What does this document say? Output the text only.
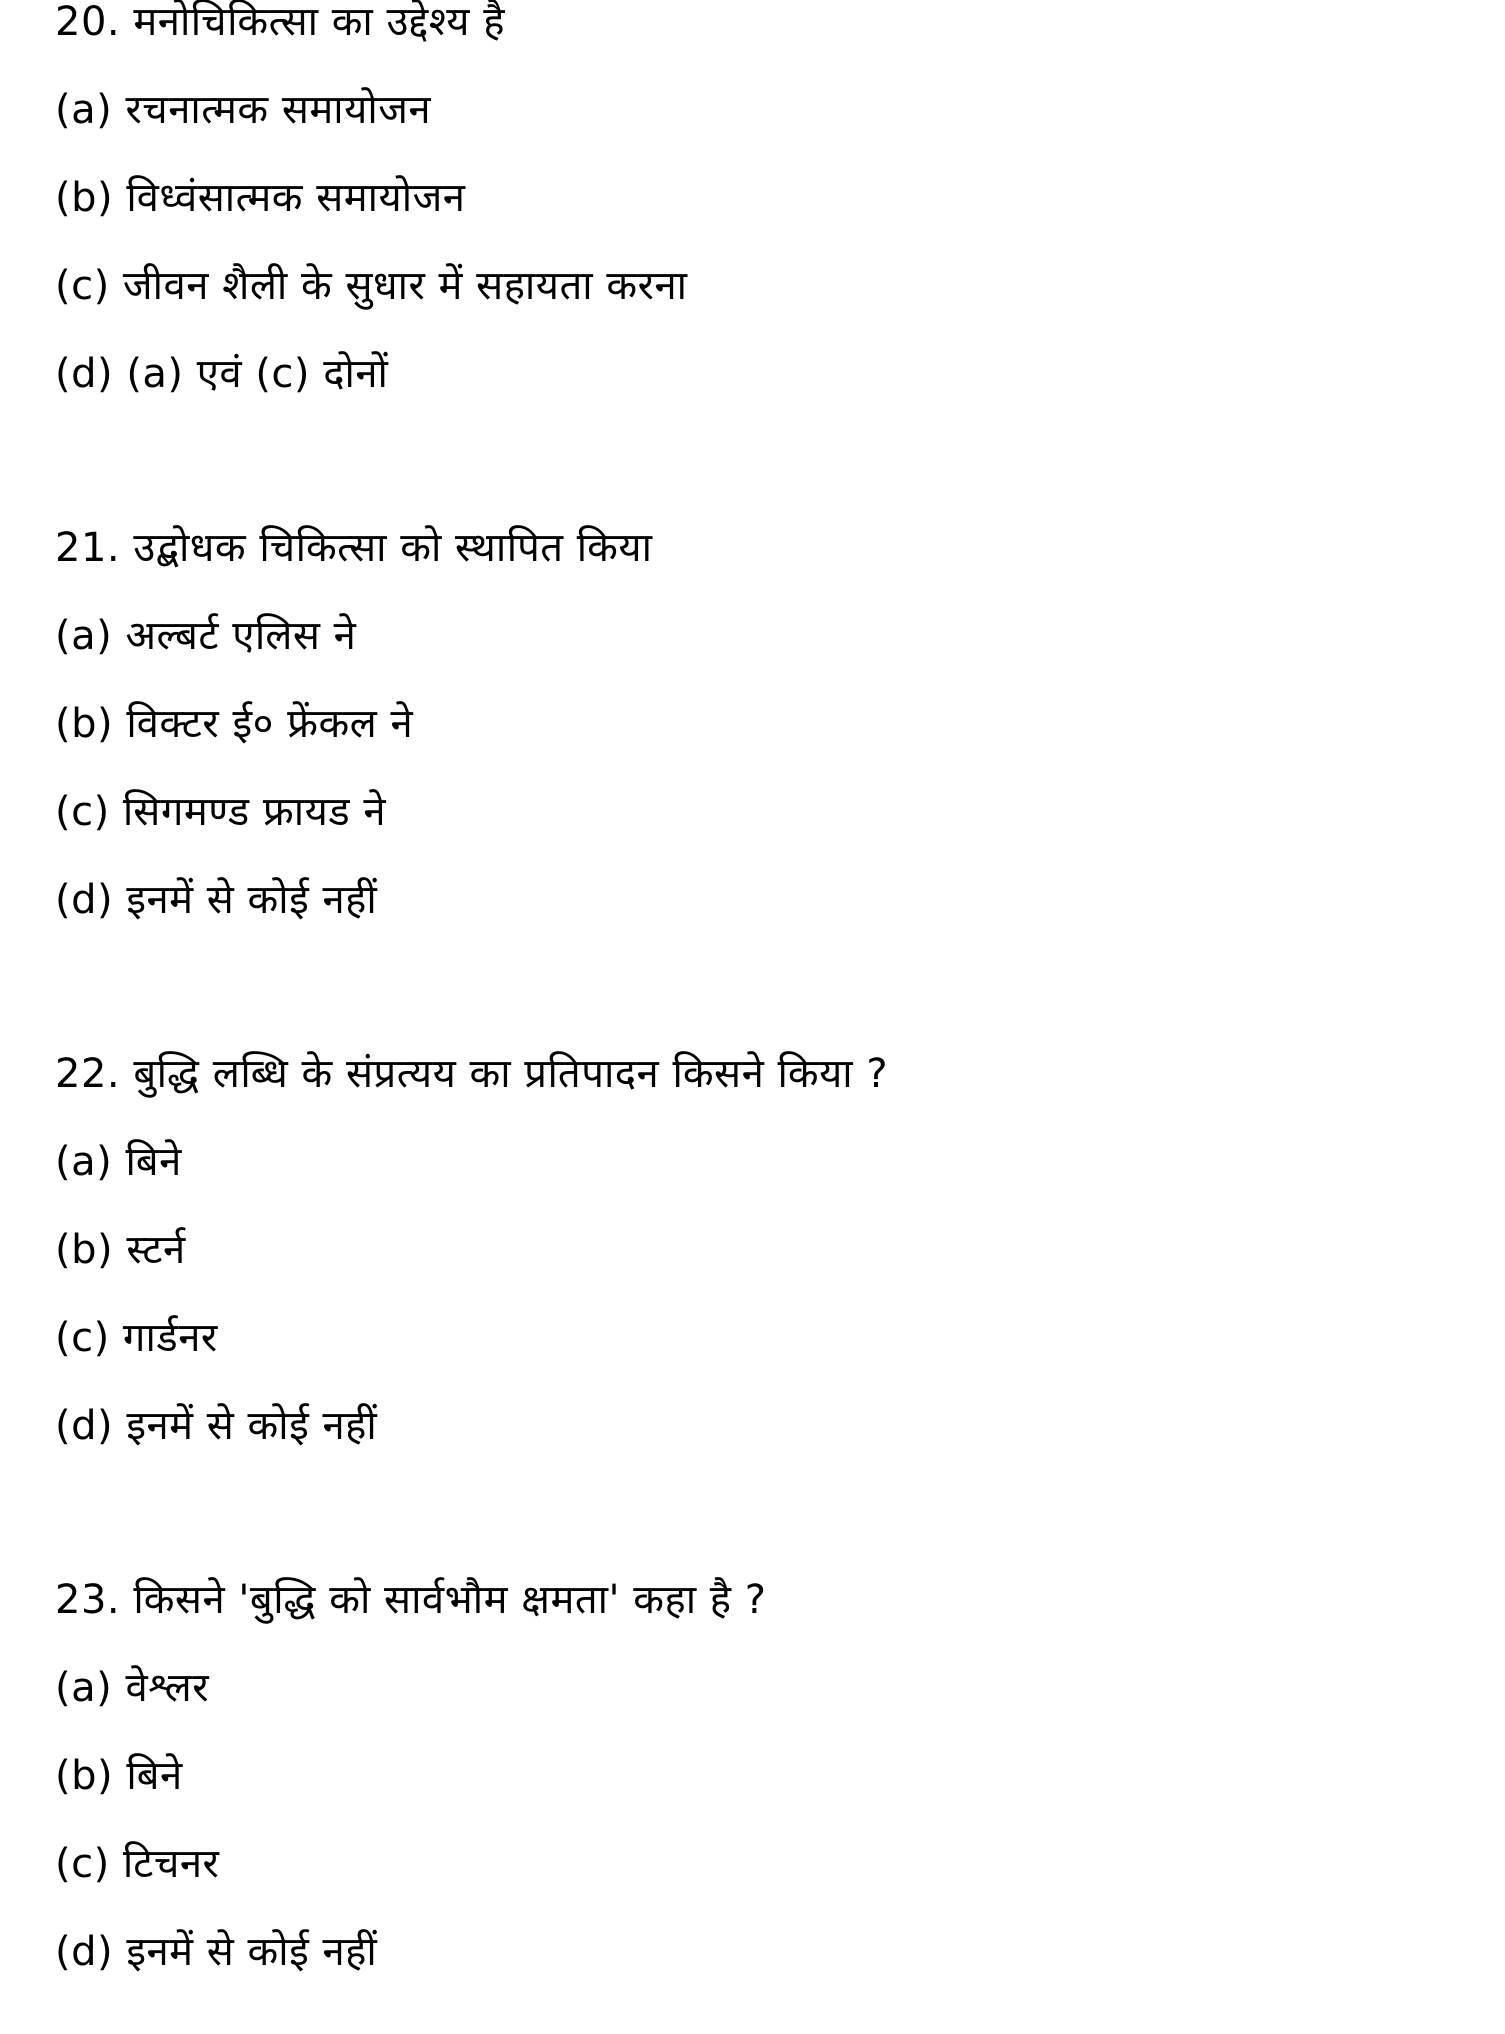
20. मनोचिकित्सा का उद्देश्य है

(a) रचनात्मक समायोजन

(b) विध्वंसात्मक समायोजन

(c) जीवन शैली के सुधार में सहायता करना

(d) (a) एवं (c) दोनों

21. उद्बोधक चिकित्सा को स्थापित किया

(a) अल्बर्ट एलिस ने

(b) विक्टर ई० फ्रेंकल ने

(c) सिगमण्ड फ्रायड ने

(d) इनमें से कोई नहीं

22. बुद्धि लब्धि के संप्रत्यय का प्रतिपादन किसने किया ?

(a) बिने

(b) स्टर्न

(c) गार्डनर

(d) इनमें से कोई नहीं

23. किसने 'बुद्धि को सार्वभौम क्षमता' कहा है ?

(a) वेश्लर

(b) बिने

(c) टिचनर

(d) इनमें से कोई नहीं
